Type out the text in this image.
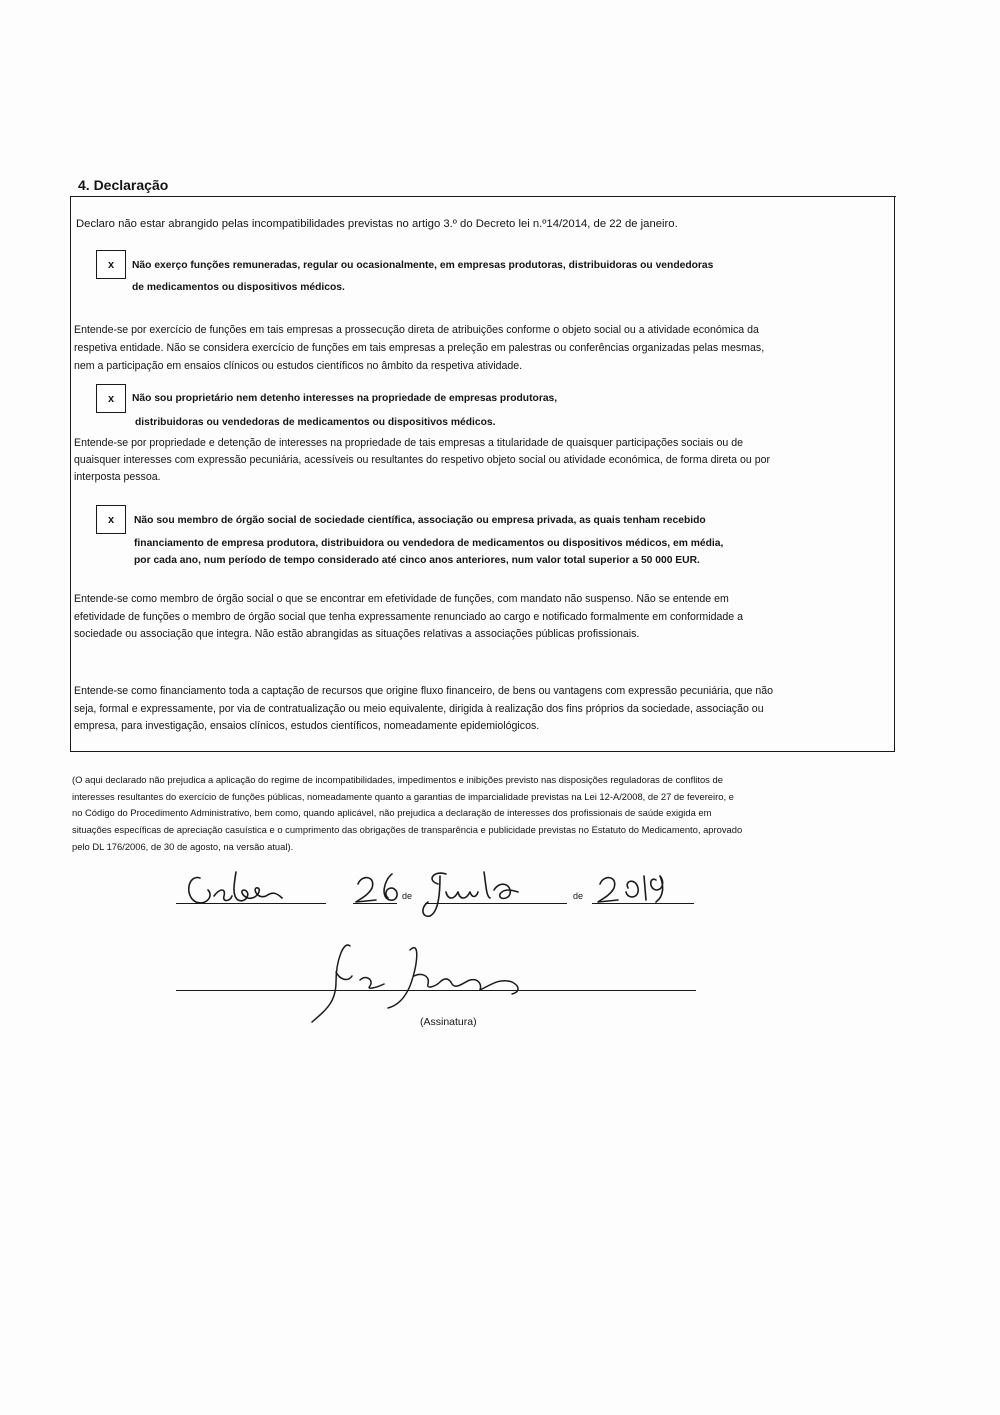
4. Declaração

Declaro não estar abrangido pelas incompatibilidades previstas no artigo 3.º do Decreto lei n.º14/2014, de 22 de janeiro.

x Não exerço funções remuneradas, regular ou ocasionalmente, em empresas produtoras, distribuidoras ou vendedoras

de medicamentos ou dispositivos médicos.

Entende-se por exercício de funções em tais empresas a prossecução direta de atribuições conforme o objeto social ou a atividade económica da

respetiva entidade. Não se considera exercício de funções em tais empresas a preleção em palestras ou conferências organizadas pelas mesmas,

nem a participação em ensaios clínicos ou estudos científicos no âmbito da respetiva atividade.

x Não sou proprietário nem detenho interesses na propriedade de empresas produtoras,

distribuidoras ou vendedoras de medicamentos ou dispositivos médicos.

Entende-se por propriedade e detenção de interesses na propriedade de tais empresas a titularidade de quaisquer participações sociais ou de

quaisquer interesses com expressão pecuniária, acessíveis ou resultantes do respetivo objeto social ou atividade económica, de forma direta ou por

interposta pessoa.

x Não sou membro de órgão social de sociedade científica, associação ou empresa privada, as quais tenham recebido

financiamento de empresa produtora, distribuidora ou vendedora de medicamentos ou dispositivos médicos, em média,

por cada ano, num período de tempo considerado até cinco anos anteriores, num valor total superior a 50 000 EUR.

Entende-se como membro de órgão social o que se encontrar em efetividade de funções, com mandato não suspenso. Não se entende em

efetividade de funções o membro de órgão social que tenha expressamente renunciado ao cargo e notificado formalmente em conformidade a

sociedade ou associação que integra. Não estão abrangidas as situações relativas a associações públicas profissionais.

Entende-se como financiamento toda a captação de recursos que origine fluxo financeiro, de bens ou vantagens com expressão pecuniária, que não

seja, formal e expressamente, por via de contratualização ou meio equivalente, dirigida à realização dos fins próprios da sociedade, associação ou

empresa, para investigação, ensaios clínicos, estudos científicos, nomeadamente epidemiológicos.

(O aqui declarado não prejudica a aplicação do regime de incompatibilidades, impedimentos e inibições previsto nas disposições reguladoras de conflitos de
interesses resultantes do exercício de funções públicas, nomeadamente quanto a garantias de imparcialidade previstas na Lei 12-A/2008, de 27 de fevereiro, e
no Código do Procedimento Administrativo, bem como, quando aplicável, não prejudica a declaração de interesses dos profissionais de saúde exigida em
situações específicas de apreciação casuística e o cumprimento das obrigações de transparência e publicidade previstas no Estatuto do Medicamento, aprovado
pelo DL 176/2006, de 30 de agosto, na versão atual).
de	de
(Assinatura)
